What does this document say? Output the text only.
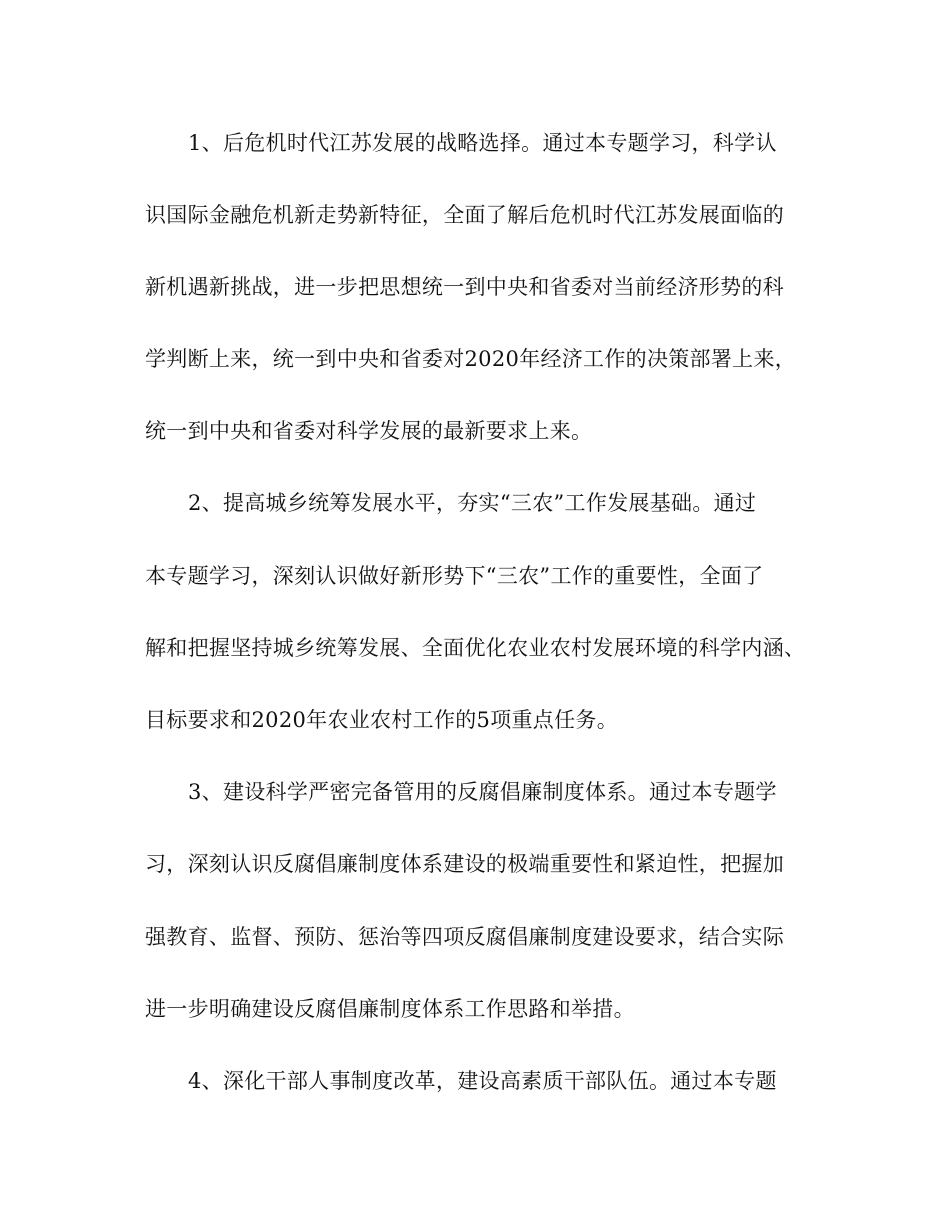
1、后危机时代江苏发展的战略选择。通过本专题学习，科学认
识国际金融危机新走势新特征，全面了解后危机时代江苏发展面临的
新机遇新挑战，进一步把思想统一到中央和省委对当前经济形势的科
学判断上来，统一到中央和省委对2020年经济工作的决策部署上来，
统一到中央和省委对科学发展的最新要求上来。
2、提高城乡统筹发展水平，夯实“三农”工作发展基础。通过
本专题学习，深刻认识做好新形势下“三农”工作的重要性，全面了
解和把握坚持城乡统筹发展、全面优化农业农村发展环境的科学内涵、
目标要求和2020年农业农村工作的5项重点任务。
3、建设科学严密完备管用的反腐倡廉制度体系。通过本专题学
习，深刻认识反腐倡廉制度体系建设的极端重要性和紧迫性，把握加
强教育、监督、预防、惩治等四项反腐倡廉制度建设要求，结合实际
进一步明确建设反腐倡廉制度体系工作思路和举措。
4、深化干部人事制度改革，建设高素质干部队伍。通过本专题
